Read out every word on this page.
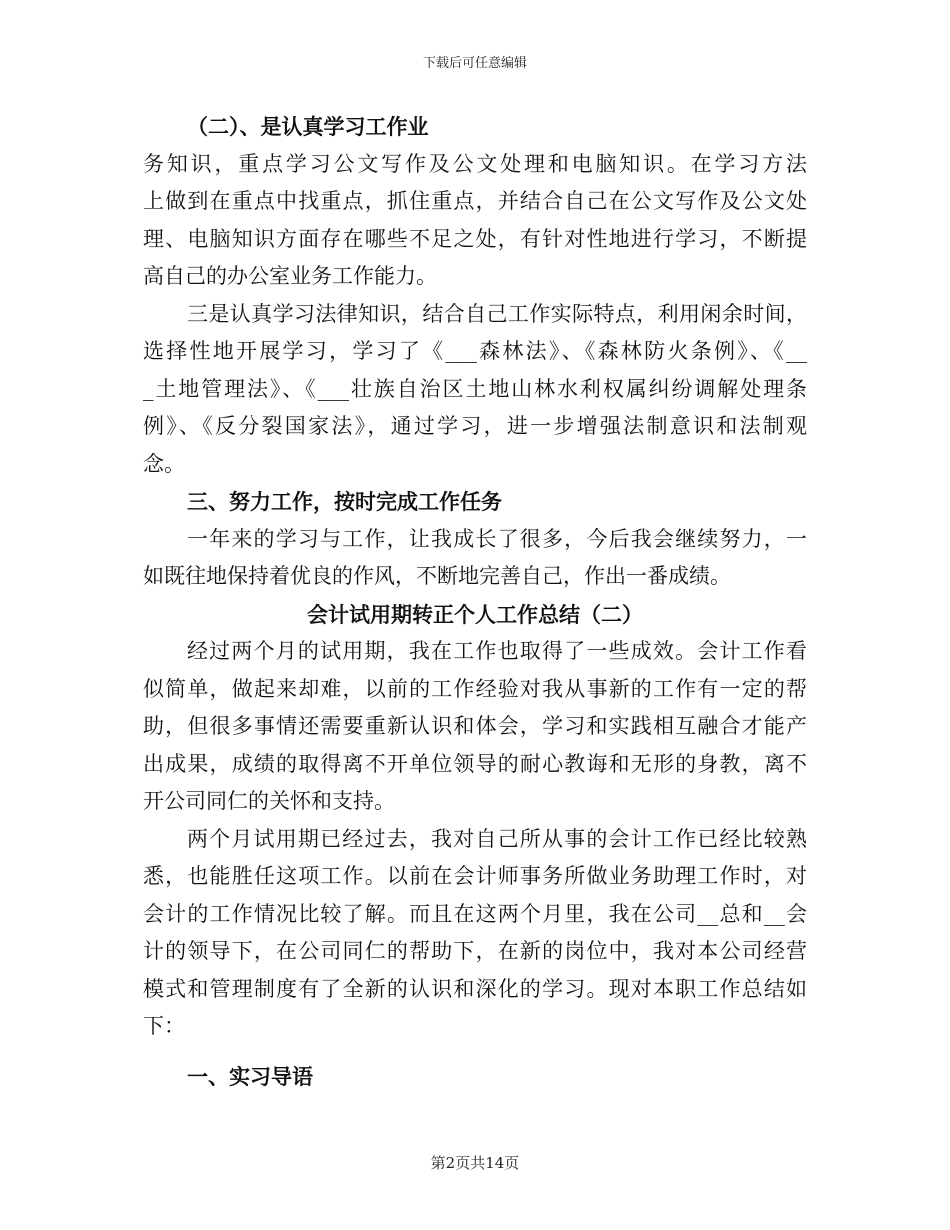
下载后可任意编辑
（二）、是认真学习工作业
务知识，重点学习公文写作及公文处理和电脑知识。在学习方法
上做到在重点中找重点，抓住重点，并结合自己在公文写作及公文处
理、电脑知识方面存在哪些不足之处，有针对性地进行学习，不断提
高自己的办公室业务工作能力。
三是认真学习法律知识，结合自己工作实际特点，利用闲余时间，
选择性地开展学习，学习了《___森林法》、《森林防火条例》、《__
_土地管理法》、《___壮族自治区土地山林水利权属纠纷调解处理条
例》、《反分裂国家法》，通过学习，进一步增强法制意识和法制观
念。
三、努力工作，按时完成工作任务
一年来的学习与工作，让我成长了很多，今后我会继续努力，一
如既往地保持着优良的作风，不断地完善自己，作出一番成绩。
会计试用期转正个人工作总结（二）
经过两个月的试用期，我在工作也取得了一些成效。会计工作看
似简单，做起来却难，以前的工作经验对我从事新的工作有一定的帮
助，但很多事情还需要重新认识和体会，学习和实践相互融合才能产
出成果，成绩的取得离不开单位领导的耐心教诲和无形的身教，离不
开公司同仁的关怀和支持。
两个月试用期已经过去，我对自己所从事的会计工作已经比较熟
悉，也能胜任这项工作。以前在会计师事务所做业务助理工作时，对
会计的工作情况比较了解。而且在这两个月里，我在公司__总和__会
计的领导下，在公司同仁的帮助下，在新的岗位中，我对本公司经营
模式和管理制度有了全新的认识和深化的学习。现对本职工作总结如
下：
一、实习导语
第2页共14页
